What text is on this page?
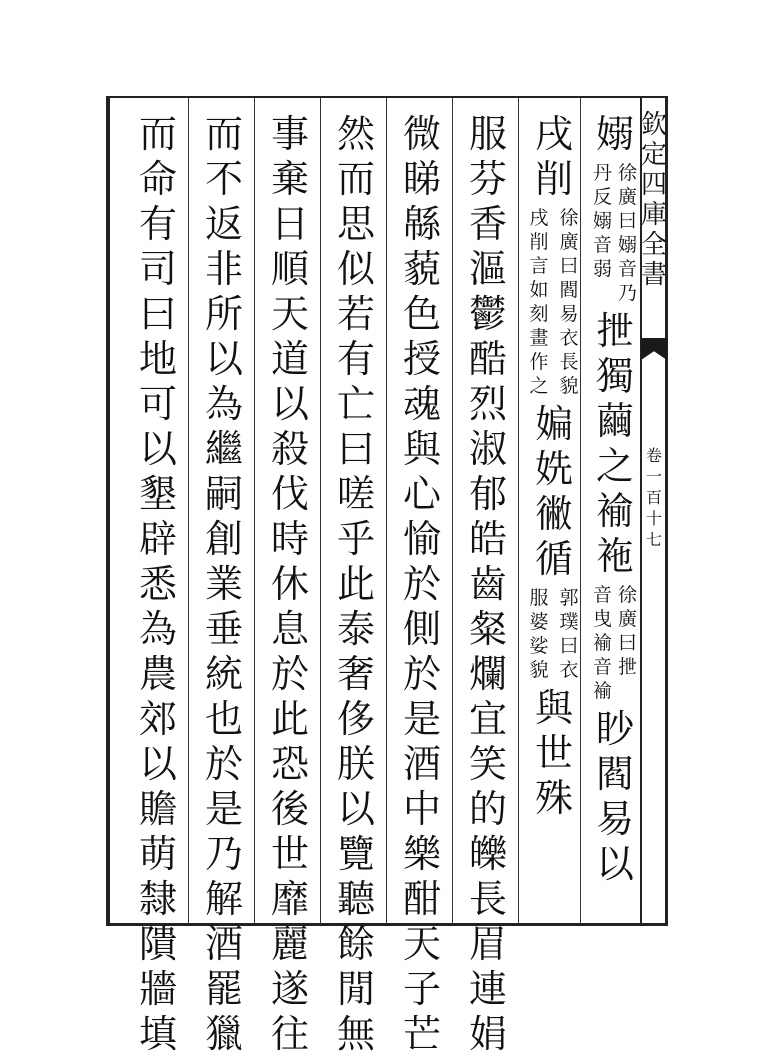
欽
定
四
庫
全
書
卷
一
百
十
七
嫋
丹
反
嫋
音
弱
徐
廣
曰
嫋
音
乃
抴
獨
繭
之
褕
袘
音
曳
褕
音
褕
徐
廣
曰
抴
眇
閻
易
以
戌
削
戌
削
言
如
刻
畫
作
之
徐
廣
曰
閻
易
衣
長
貌
媥
姺
徶
循
服
婆
娑
貌
郭
璞
曰
衣
與
世
殊
服
芬
香
漚
鬱
酷
烈
淑
郁
皓
齒
粲
爛
宜
笑
的
皪
長
眉
連
娟
微
睇
緜
藐
色
授
魂
與
心
愉
於
側
於
是
酒
中
樂
酣
天
子
芒
然
而
思
似
若
有
亡
曰
嗟
乎
此
泰
奢
侈
朕
以
覽
聽
餘
閒
無
事
棄
日
順
天
道
以
殺
伐
時
休
息
於
此
恐
後
世
靡
麗
遂
往
而
不
返
非
所
以
為
繼
嗣
創
業
垂
統
也
於
是
乃
解
酒
罷
獵
而
命
有
司
曰
地
可
以
墾
辟
悉
為
農
郊
以
贍
萌
隸
隤
牆
填
